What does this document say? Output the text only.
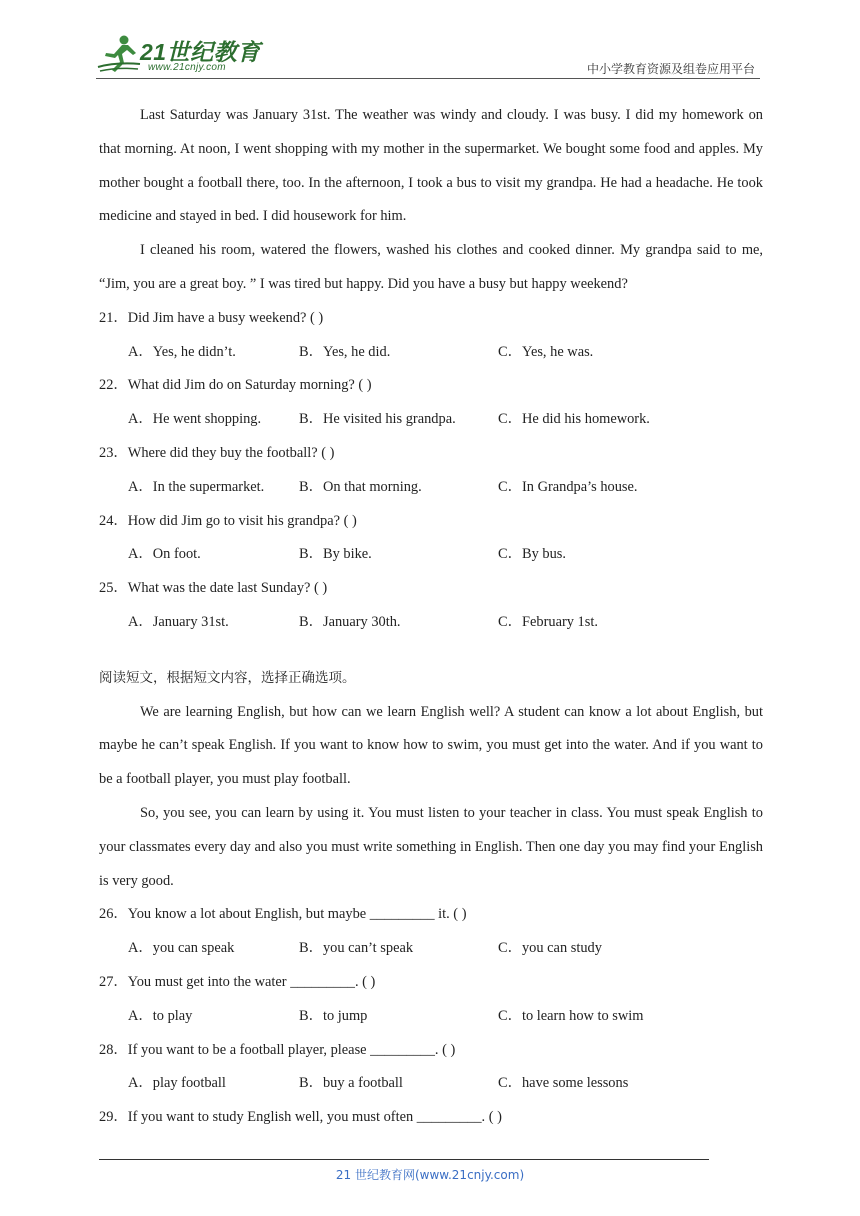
21世纪教育
www.21cnjy.com	中小学教育资源及组卷应用平台

Last Saturday was January 31st. The weather was windy and cloudy. I was busy. I did my homework on that morning. At noon, I went shopping with my mother in the supermarket. We bought some food and apples. My mother bought a football there, too. In the afternoon, I took a bus to visit my grandpa. He had a headache. He took medicine and stayed in bed. I did housework for him.

I cleaned his room, watered the flowers, washed his clothes and cooked dinner. My grandpa said to me, “Jim, you are a great boy. ” I was tired but happy. Did you have a busy but happy weekend?

21．Did Jim have a busy weekend? ( )

A．Yes, he didn’t.	B．Yes, he did.	C．Yes, he was.

22．What did Jim do on Saturday morning? ( )

A．He went shopping.	B．He visited his grandpa.	C．He did his homework.

23．Where did they buy the football? ( )

A．In the supermarket.	B．On that morning.	C．In Grandpa’s house.

24．How did Jim go to visit his grandpa? ( )

A．On foot.	B．By bike.	C．By bus.

25．What was the date last Sunday? ( )

A．January 31st.	B．January 30th.	C．February 1st.

阅读短文，根据短文内容，选择正确选项。

We are learning English, but how can we learn English well? A student can know a lot about English, but maybe he can’t speak English. If you want to know how to swim, you must get into the water. And if you want to be a football player, you must play football.

So, you see, you can learn by using it. You must listen to your teacher in class. You must speak English to your classmates every day and also you must write something in English. Then one day you may find your English is very good.

26．You know a lot about English, but maybe _________ it. ( )

A．you can speak	B．you can’t speak	C．you can study

27．You must get into the water _________. ( )

A．to play	B．to jump	C．to learn how to swim

28．If you want to be a football player, please _________. ( )

A．play football	B．buy a football	C．have some lessons

29．If you want to study English well, you must often _________. ( )

21 世纪教育网(www.21cnjy.com)
